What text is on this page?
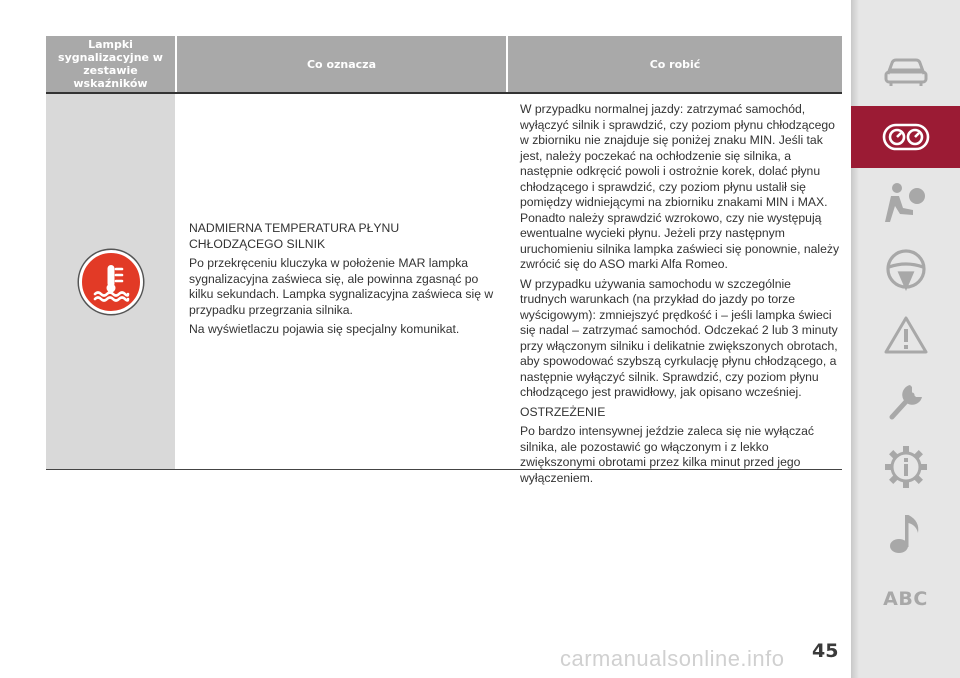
Lampki sygnalizacyjne w zestawie wskaźników
Co oznacza	Co robić

NADMIERNA TEMPERATURA PŁYNU CHŁODZĄCEGO SILNIK

Po przekręceniu kluczyka w położenie MAR lampka sygnalizacyjna zaświeca się, ale powinna zgasnąć po kilku sekundach. Lampka sygnalizacyjna zaświeca się w przypadku przegrzania silnika.

Na wyświetlaczu pojawia się specjalny komunikat.

W przypadku normalnej jazdy: zatrzymać samochód, wyłączyć silnik i sprawdzić, czy poziom płynu chłodzącego w zbiorniku nie znajduje się poniżej znaku MIN. Jeśli tak jest, należy poczekać na ochłodzenie się silnika, a następnie odkręcić powoli i ostrożnie korek, dolać płynu chłodzącego i sprawdzić, czy poziom płynu ustalił się pomiędzy widniejącymi na zbiorniku znakami MIN i MAX. Ponadto należy sprawdzić wzrokowo, czy nie występują ewentualne wycieki płynu. Jeżeli przy następnym uruchomieniu silnika lampka zaświeci się ponownie, należy zwrócić się do ASO marki Alfa Romeo.

W przypadku używania samochodu w szczególnie trudnych warunkach (na przykład do jazdy po torze wyścigowym): zmniejszyć prędkość i – jeśli lampka świeci się nadal – zatrzymać samochód. Odczekać 2 lub 3 minuty przy włączonym silniku i delikatnie zwiększonych obrotach, aby spowodować szybszą cyrkulację płynu chłodzącego, a następnie wyłączyć silnik. Sprawdzić, czy poziom płynu chłodzącego jest prawidłowy, jak opisano wcześniej.

OSTRZEŻENIE

Po bardzo intensywnej jeździe zaleca się nie wyłączać silnika, ale pozostawić go włączonym i z lekko zwiększonymi obrotami przez kilka minut przed jego wyłączeniem.

ABC
carmanualsonline.info 45
